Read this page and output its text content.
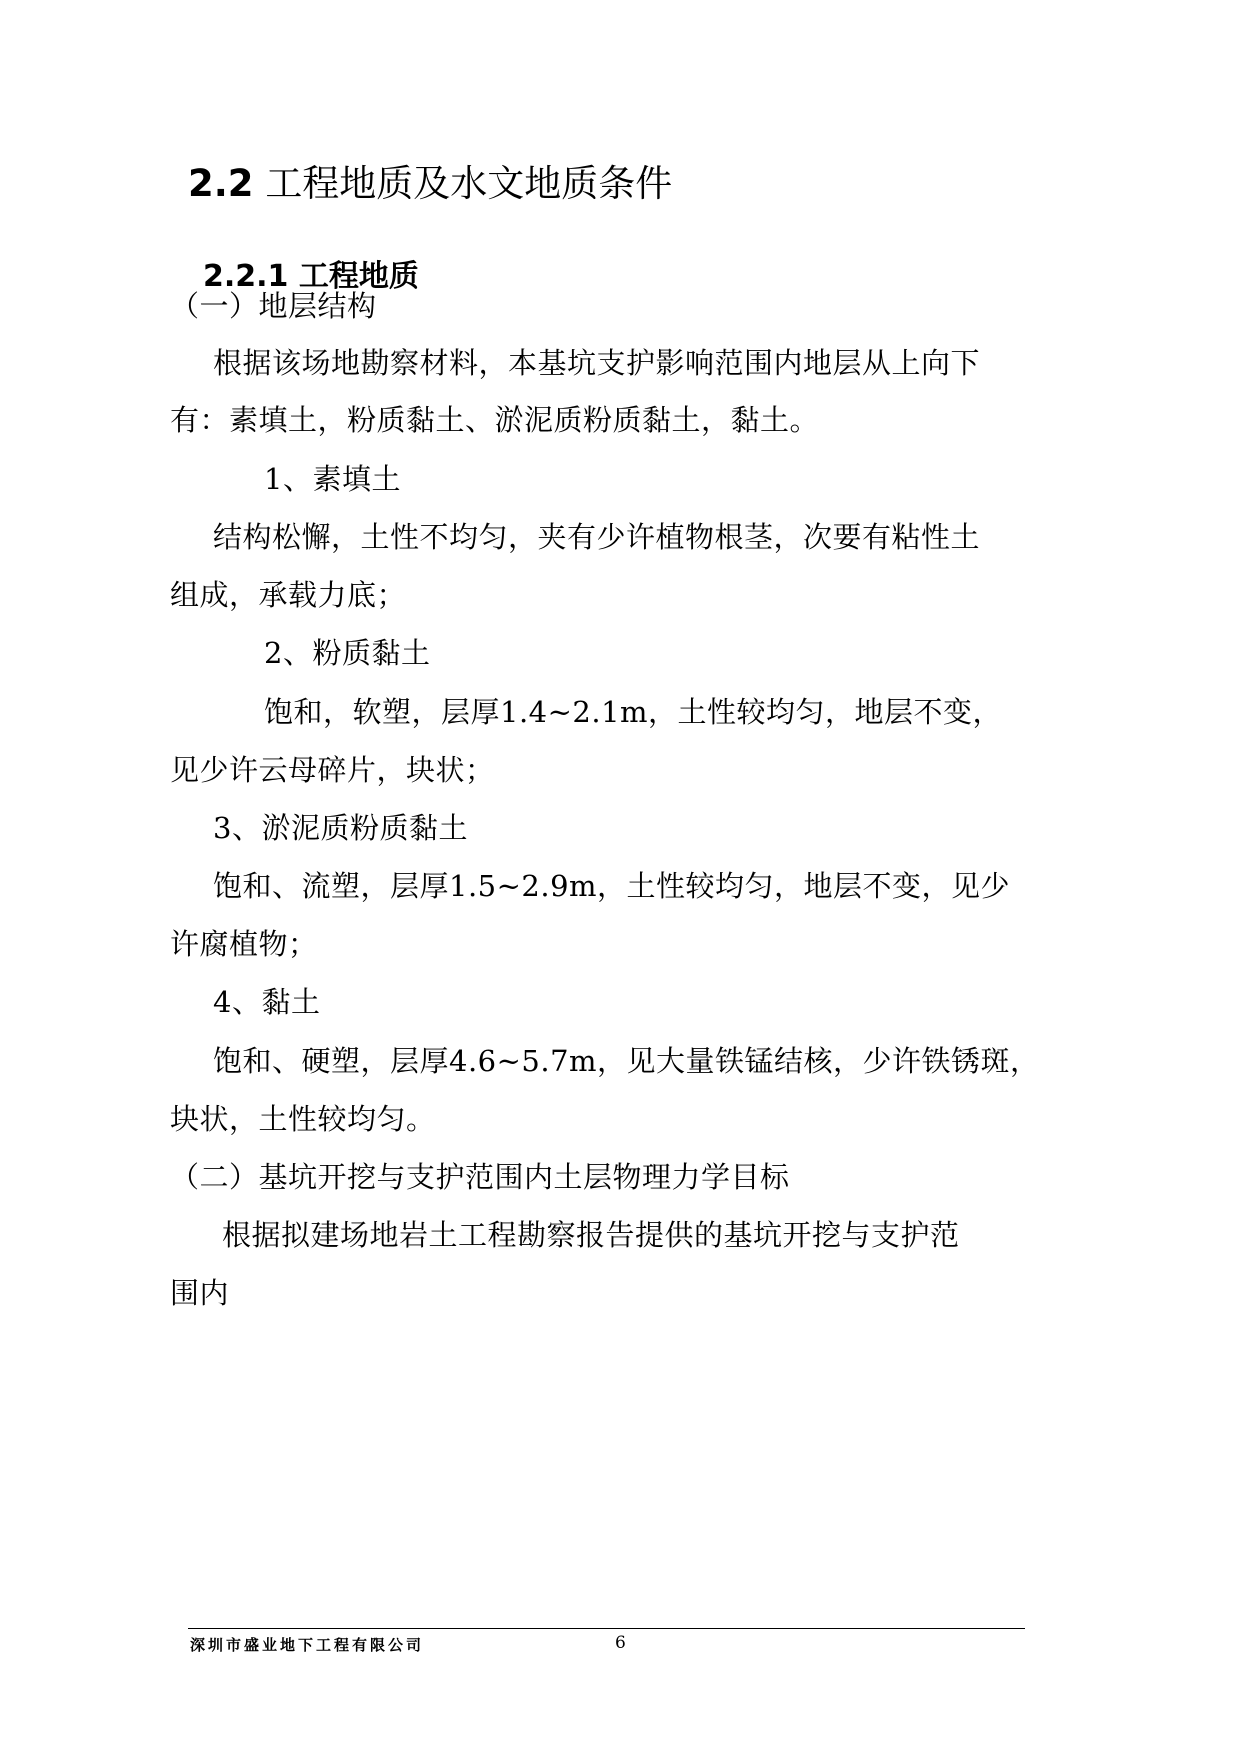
2.2 工程地质及水文地质条件
2.2.1 工程地质
（一）地层结构
根据该场地勘察材料，本基坑支护影响范围内地层从上向下
有：素填土，粉质黏土、淤泥质粉质黏土，黏土。
1、素填土
结构松懈，土性不均匀，夹有少许植物根茎，次要有粘性土
组成，承载力底；
2、粉质黏土
饱和，软塑，层厚1.4~2.1m，土性较均匀，地层不变，
见少许云母碎片，块状；
3、淤泥质粉质黏土
饱和、流塑，层厚1.5~2.9m，土性较均匀，地层不变，见少
许腐植物；
4、黏土
饱和、硬塑，层厚4.6~5.7m，见大量铁锰结核，少许铁锈斑，
块状，土性较均匀。
（二）基坑开挖与支护范围内土层物理力学目标
根据拟建场地岩土工程勘察报告提供的基坑开挖与支护范
围内
深圳市盛业地下工程有限公司	6
